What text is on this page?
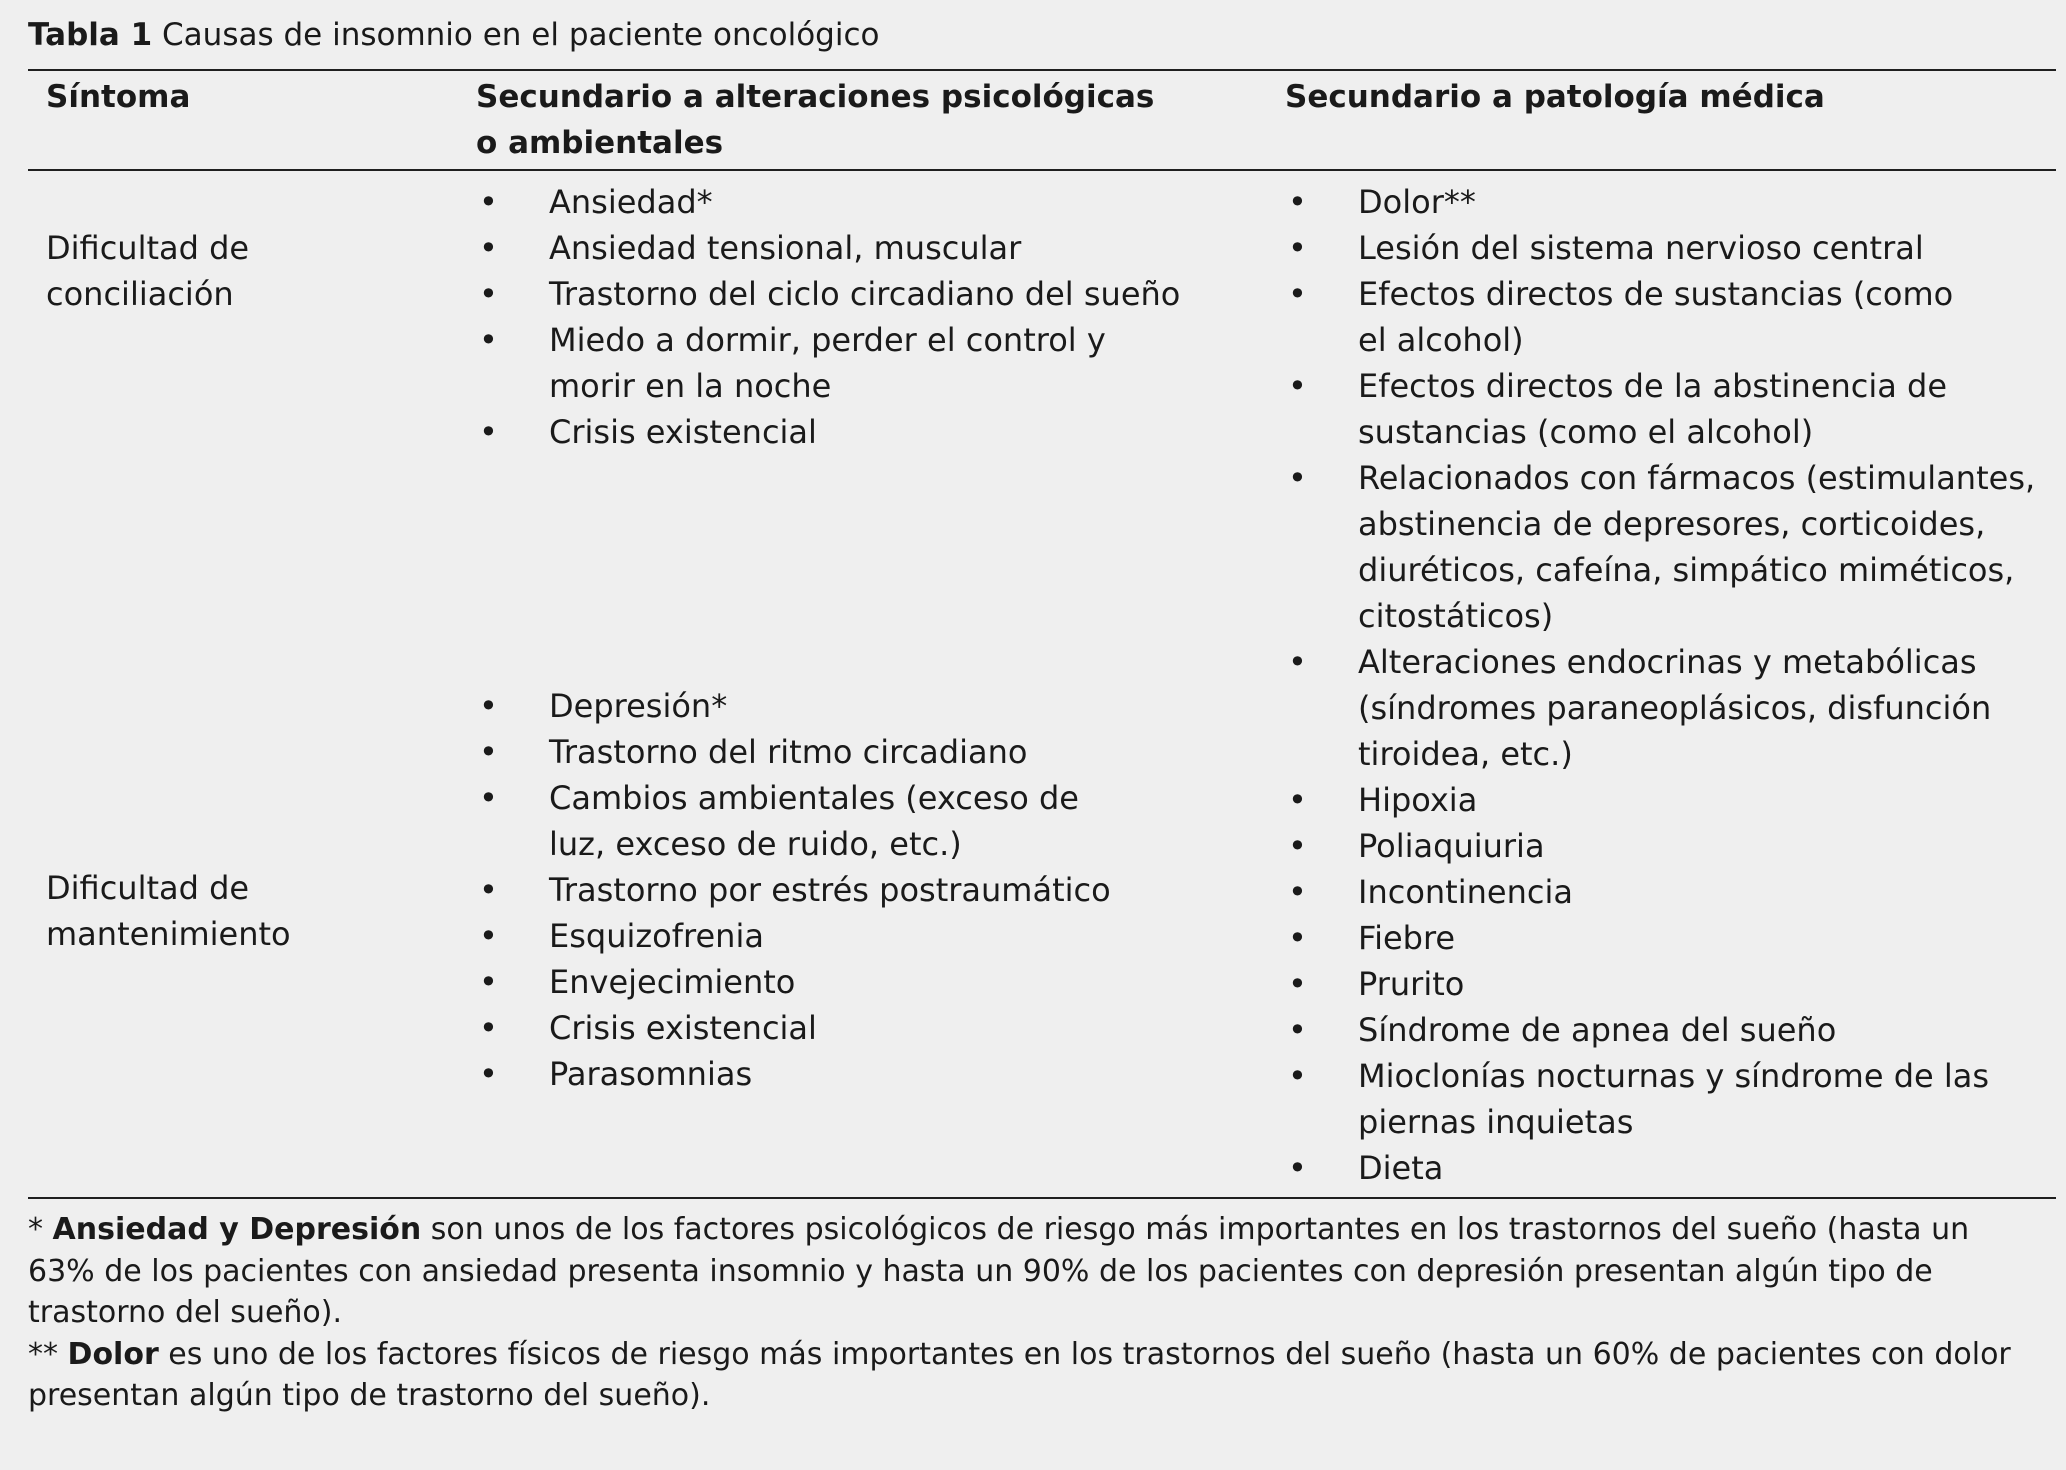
Tabla 1 Causas de insomnio en el paciente oncológico
Síntoma	Secundario a alteraciones psicológicas o ambientales
Secundario a patología médica
Dificultad de conciliación
• Ansiedad*
• Ansiedad tensional, muscular
• Trastorno del ciclo circadiano del sueño
• Miedo a dormir, perder el control y morir en la noche
• Crisis existencial
Dificultad de mantenimiento
• Depresión*
• Trastorno del ritmo circadiano
• Cambios ambientales (exceso de luz, exceso de ruido, etc.)
• Trastorno por estrés postraumático
• Esquizofrenia
• Envejecimiento
• Crisis existencial
• Parasomnias
• Dolor**
• Lesión del sistema nervioso central
• Efectos directos de sustancias (como el alcohol)
• Efectos directos de la abstinencia de sustancias (como el alcohol)
• Relacionados con fármacos (estimulantes, abstinencia de depresores, corticoides, diuréticos, cafeína, simpático miméticos, citostáticos)
• Alteraciones endocrinas y metabólicas (síndromes paraneoplásicos, disfunción tiroidea, etc.)
• Hipoxia
• Poliaquiuria
• Incontinencia
• Fiebre
• Prurito
• Síndrome de apnea del sueño
• Mioclonías nocturnas y síndrome de las piernas inquietas
• Dieta
* Ansiedad y Depresión son unos de los factores psicológicos de riesgo más importantes en los trastornos del sueño (hasta un 63% de los pacientes con ansiedad presenta insomnio y hasta un 90% de los pacientes con depresión presentan algún tipo de trastorno del sueño).
** Dolor es uno de los factores físicos de riesgo más importantes en los trastornos del sueño (hasta un 60% de pacientes con dolor presentan algún tipo de trastorno del sueño).
